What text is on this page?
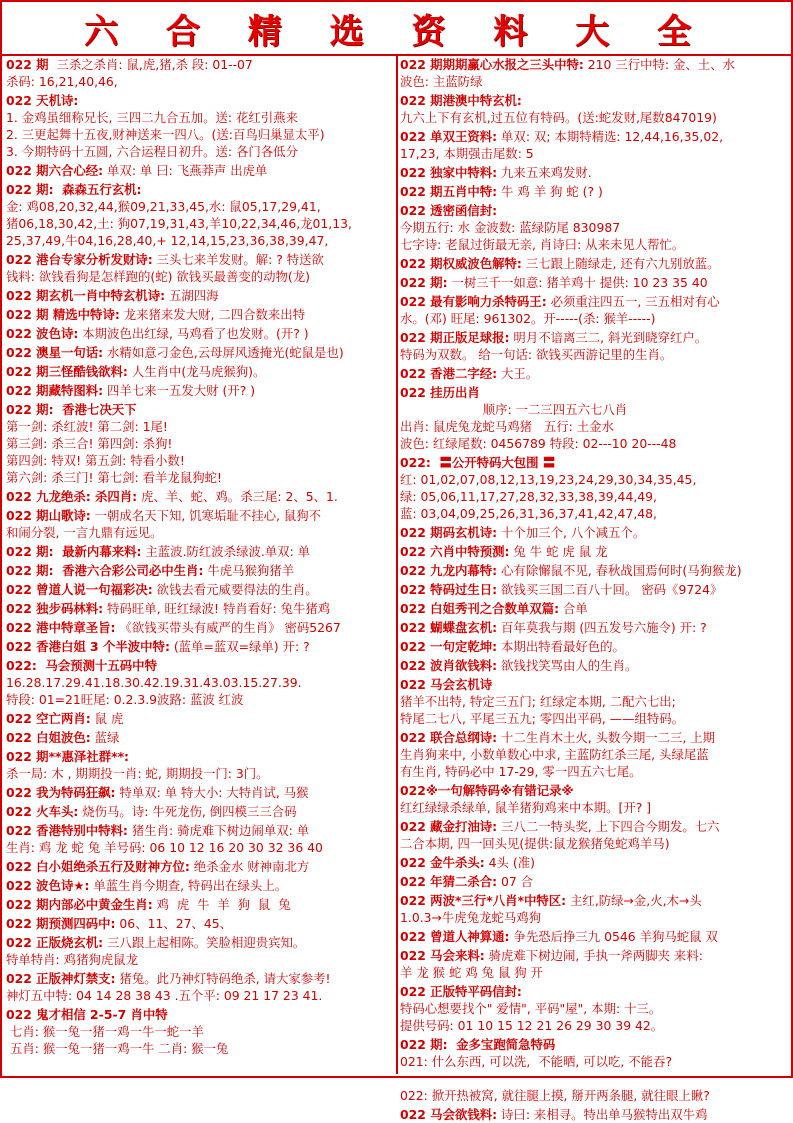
六 合 精 选 资 料 大 全
022 期  三杀之杀肖: 鼠,虎,猪,杀 段: 01--07
杀码: 16,21,40,46,
022 天机诗:
1. 金鸡虽细称兄长, 三四二九合五加。送: 花红引燕来
2. 三更起舞十五夜,财神送来一四八。(送:百鸟归巢显太平)
3. 今期特码十五圆, 六合运程日初升。送: 各门各低分
022 期六合心经: 单双: 单 曰: 飞燕莽声 出虎单
022 期:  森森五行玄机:
金: 鸡08,20,32,44,猴09,21,33,45,水: 鼠05,17,29,41,
猪06,18,30,42,土: 狗07,19,31,43,羊10,22,34,46,龙01,13,
25,37,49,牛04,16,28,40,+ 12,14,15,23,36,38,39,47,
022 港台专家分析发财诗: 三头七来羊发财。解: ? 特送欲
钱料: 欲钱看狗是怎样跑的(蛇) 欲钱买最善变的动物(龙)
022 期玄机一肖中特玄机诗: 五湖四海
022 期 精选中特诗: 龙来猪来发大财, 二四合数来出特
022 波色诗: 本期波色出红绿, 马鸡看了也发财。(开? )
022 澳星一句话: 水精如意刁金色,云母屏风透掩光(蛇鼠是也)
022 期三怪酷钱欲料: 人生肖中(龙马虎猴狗)。
022 期藏特图料: 四羊七来一五发大财 (开? )
022 期:  香港七决天下
第一剑: 杀红波! 第二剑: 1尾!
第三剑: 杀三合! 第四剑: 杀狗!
第四剑: 特双! 第五剑: 特看小数!
第六剑: 杀三门! 第七剑: 看羊龙鼠狗蛇!
022 九龙绝杀: 杀四肖: 虎、羊、蛇、鸡。杀三尾: 2、5、1.
022 期山歌诗: 一朝成名天下知, 饥寒垢耻不挂心, 鼠狗不
和闹分裂, 一言九鼎有远见。
022 期:  最新内幕来料: 主蓝波.防红波杀绿波.单双: 单
022 期:  香港六合彩公司必中生肖: 牛虎马猴狗猪羊
022 曾道人说一句福彩决: 欲钱去看元威要得法的生肖。
022 独步码林料: 特码旺单, 旺红绿波! 特肖看好: 兔牛猪鸡
022 港中特章圣旨: 《欲钱买带头有威严的生肖》 密码5267
022 香港白姐 3 个半波中特: (蓝单=蓝双=绿单) 开: ?
022:  马会预测十五码中特
16.28.17.29.41.18.30.42.19.31.43.03.15.27.39.
特段: 01=21旺尾: 0.2.3.9波路: 蓝波 红波
022 空亡两肖: 鼠 虎
022 白姐波色: 蓝绿
022 期**惠泽社群**:
杀一局: 木 , 期期投一肖: 蛇, 期期投一门: 3门。
022 我为特码狂飙: 特单双: 单 特大小: 大特肖试, 马猴
022 火车头: 烧伤马。诗: 牛死龙伤, 倒四模三三合码
022 香港特别中特料: 猪生肖: 骑虎难下树边闹单双: 单
生肖: 鸡 龙 蛇 兔 羊号码: 06 10 12 16 20 30 32 36 40
022 白小姐绝杀五行及财神方位: 绝杀金水 财神南北方
022 波色诗★: 单蓝生肖今期查, 特码出在绿头上。
022 期内部必中黄金生肖: 鸡  虎  牛  羊  狗  鼠  兔
022 期预测四码中: 06、11、27、45、
022 正版烧玄机: 三八跟上起相陈。笑脸相迎贵宾知。
特单特肖: 鸡猪狗虎鼠龙
022 正版神灯禁支: 猪兔。此乃神灯特码绝杀, 请大家参考!
神灯五中特: 04 14 28 38 43 .五个平: 09 21 17 23 41.
022 鬼才相信 2-5-7 肖中特
七肖: 猴一兔一猪一鸡一牛一蛇一羊
五肖: 猴一兔一猪一鸡一牛 二肖: 猴一兔
022 期期期赢心水报之三头中特: 210 三行中特: 金、土、水
波色: 主蓝防绿
022 期港澳中特玄机:
九六上下有玄机,过五位有特码。(送:蛇发财,尾数847019)
022 单双王资料: 单双: 双; 本期特精选: 12,44,16,35,02,
17,23, 本期强击尾数: 5
022 独家中特料: 九来五来鸡发财.
022 期五肖中特: 牛 鸡 羊 狗 蛇 (? )
022 透密函信封:
今期五行: 水 金波数: 蓝绿防尾 830987
七字诗: 老鼠过街最无亲, 肖诗曰: 从来未见人帮忙。
022 期权威波色解特: 三七跟上随绿走, 还有六九别放蓝。
022 期: 一树三千一如意: 猪羊鸡十 提供: 10 23 35 40
022 最有影响力杀特码王: 必须重注四五一, 三五相对有心
水。(邓) 旺尾: 961302。开-----(杀: 猴羊-----)
022 期正版足球报: 明月不谙离三二, 斜光到晓穿红户。
特码为双数。 给一句话: 欲钱买西游记里的生肖。
022 香港二字经: 大王。
022 挂历出肖
顺序: 一二三四五六七八肖
出肖: 鼠虎兔龙蛇马鸡猪   五行: 土金水
波色: 红绿尾数: 0456789 特段: 02---10 20---48
022:  〓公开特码大包围 〓
红: 01,02,07,08,12,13,19,23,24,29,30,34,35,45,
绿: 05,06,11,17,27,28,32,33,38,39,44,49,
蓝: 03,04,09,25,26,31,36,37,41,42,47,48,
022 期码玄机诗: 十个加三个, 八个减五个。
022 六肖中特预测: 兔 牛 蛇 虎 鼠 龙
022 九龙内幕特: 心有除懈鼠不见, 春秋战国焉何时(马狗猴龙)
022 特码过生日: 欲钱买三国二百八十回。 密码《9724》
022 白姐秀刊之合数单双篇: 合单
022 蝴蝶盘玄机: 百年莫我与期 (四五发号六施令) 开: ?
022 一句定乾坤: 本期出特看最好色的。
022 波肖欲钱料: 欲钱找笑骂由人的生肖。
022 马会玄机诗
猪羊不出特, 特定三五门; 红绿定本期, 二配六七出;
特尾二七八, 平尾三五九; 零四出平码, ——组特码。
022 联合总纲诗: 十二生肖木土火, 头数今期一二三, 上期
生肖狗来中, 小数单数心中求, 主蓝防红杀三尾, 头绿尾蓝
有生肖, 特码必中 17-29, 零一四五六七尾。
022※一句解特码※有错记录※
红红绿绿杀绿单, 鼠羊猪狗鸡来中本期。[开? ]
022 藏金打油诗: 三八二一特头奖, 上下四合今期发。七六
二合本期, 四一回头见(提供:鼠龙猴猪兔蛇鸡羊马)
022 金牛杀头: 4头 (准)
022 年猜二杀合: 07 合
022 两波*三行*八肖*中特区: 主红,防绿→金,火,木→头
1.0.3→牛虎兔龙蛇马鸡狗
022 曾道人神算通: 争先恐后挣三九 0546 羊狗马蛇鼠 双
022 马会来料: 骑虎难下树边闹, 手执一斧两脚夹 来料:
羊 龙 猴 蛇 鸡 兔 鼠 狗 开
022 正版特平码信封:
特码心想要找个" 爱情", 平码"屋", 本期: 十三。
提供号码: 01 10 15 12 21 26 29 30 39 42。
022 期:  金多宝跑简急特码
021: 什么东西, 可以洗,  不能晒, 可以吃, 不能吞?

022: 掀开热被窝, 就往腿上摸, 掰开两条腿, 就往眼上瞅?
022 马会欲钱料: 诗曰: 来相寻。特出单马猴特出双牛鸡
